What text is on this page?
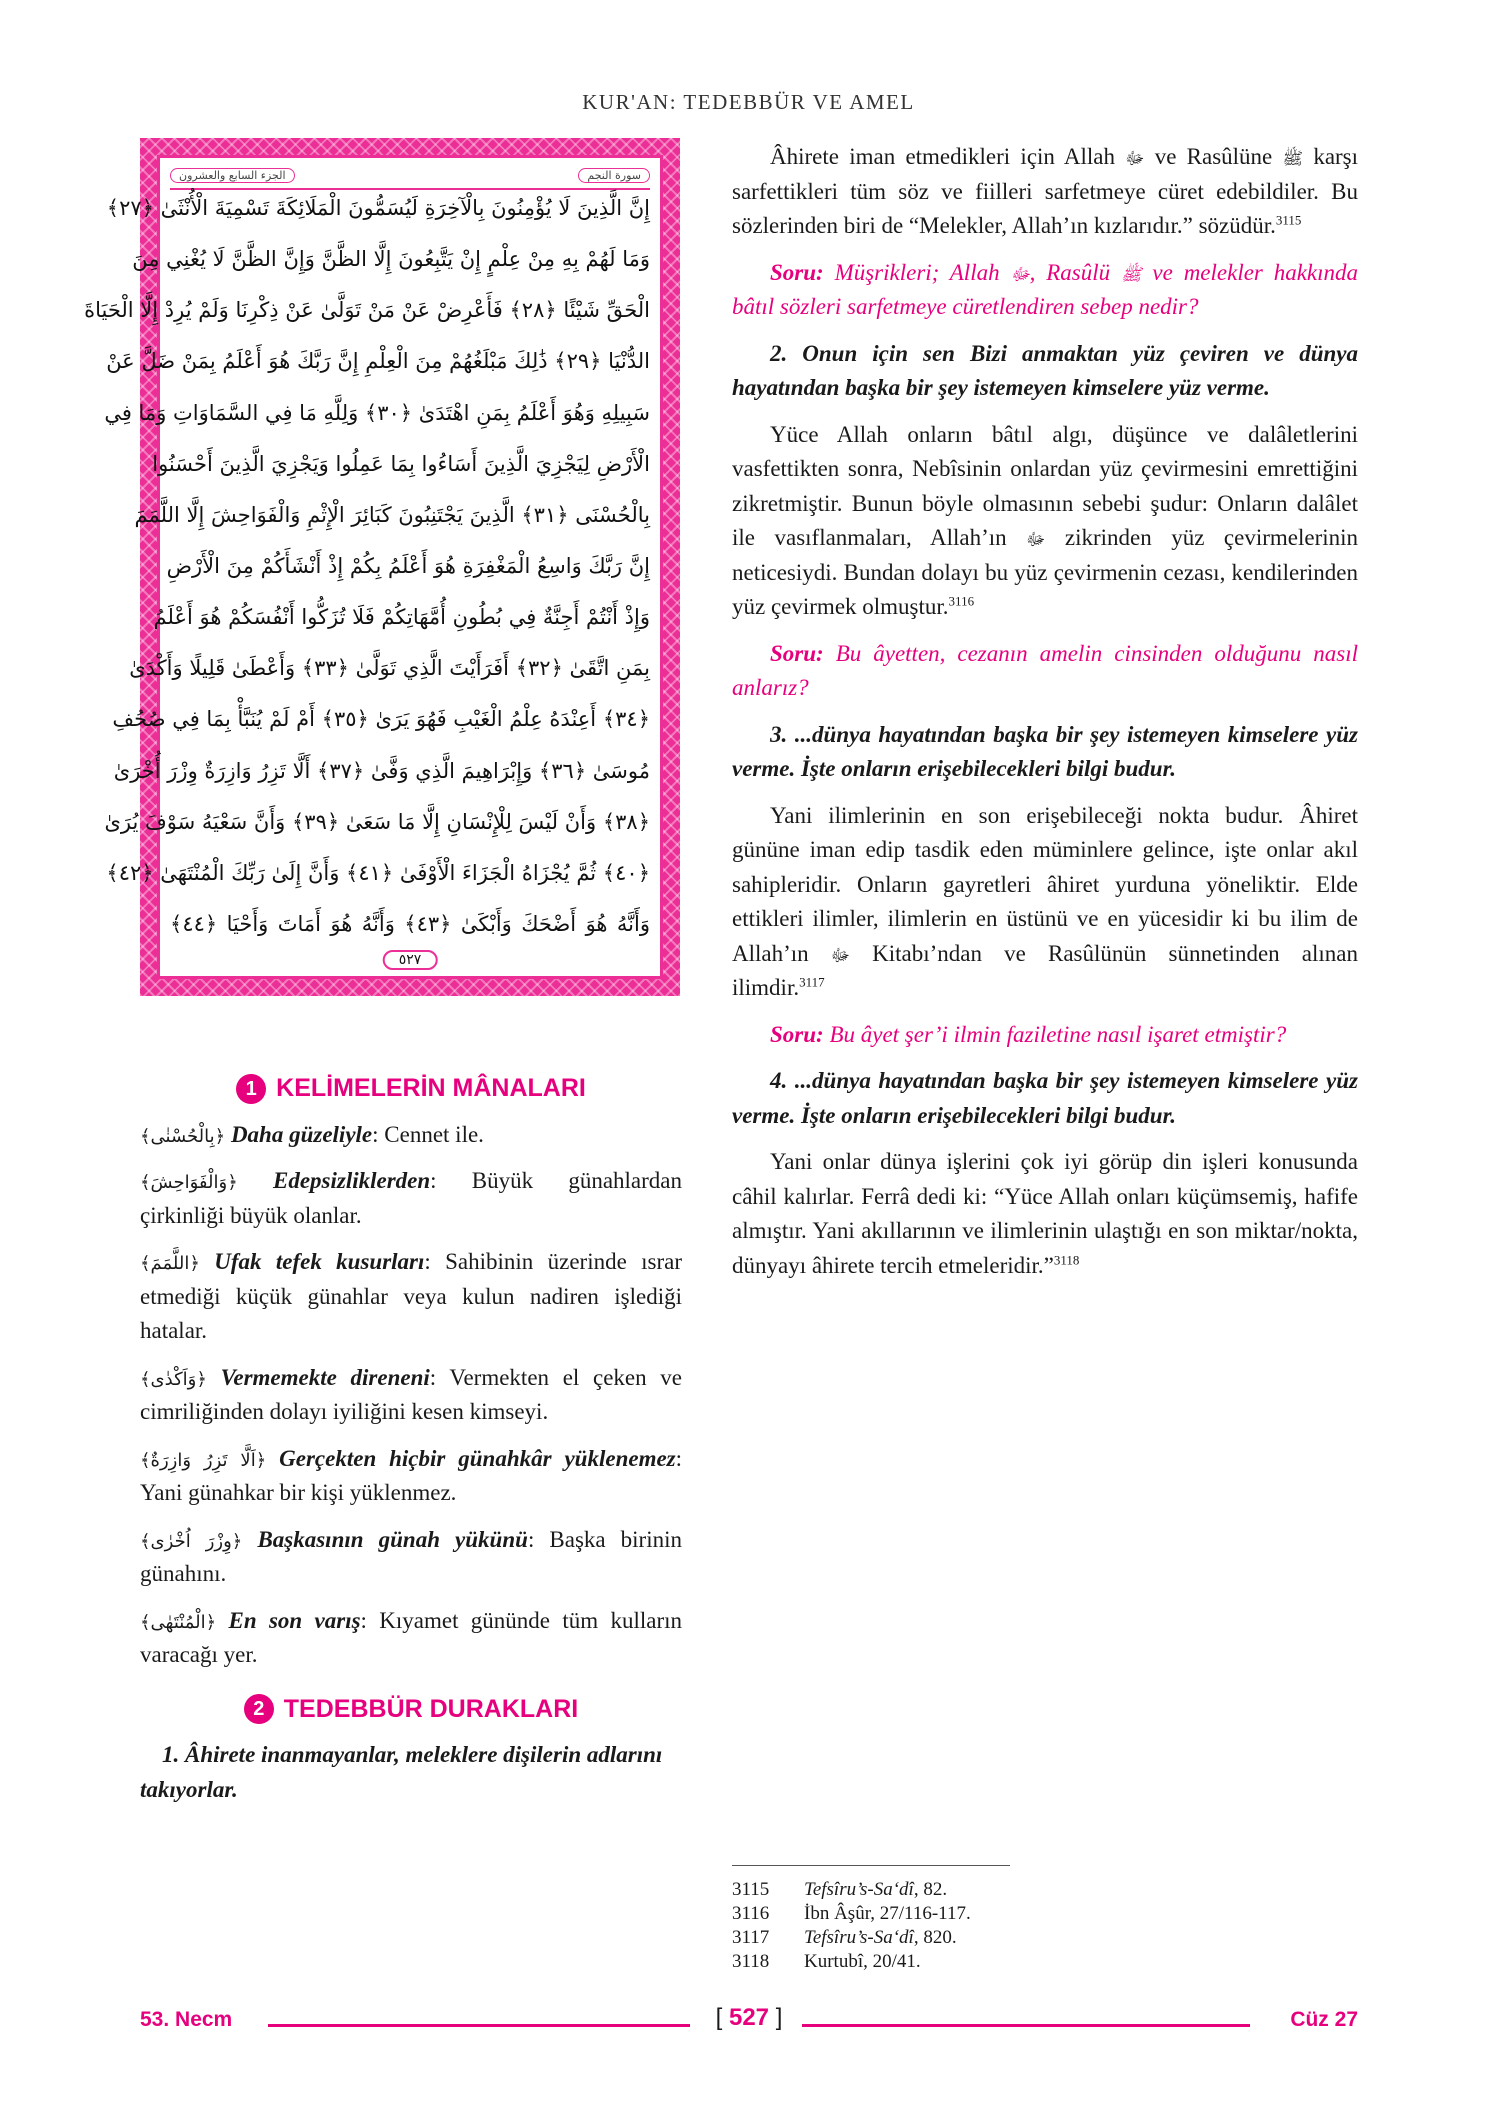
KUR'AN: TEDEBBÜR VE AMEL
سورة النجم
الجزء السابع والعشرون
إِنَّ الَّذِينَ لَا يُؤْمِنُونَ بِالْآخِرَةِ لَيُسَمُّونَ الْمَلَائِكَةَ تَسْمِيَةَ الْأُنْثَىٰ ﴿٢٧﴾
وَمَا لَهُمْ بِهِ مِنْ عِلْمٍ إِنْ يَتَّبِعُونَ إِلَّا الظَّنَّ وَإِنَّ الظَّنَّ لَا يُغْنِي مِنَ
الْحَقِّ شَيْئًا ﴿٢٨﴾ فَأَعْرِضْ عَنْ مَنْ تَوَلَّىٰ عَنْ ذِكْرِنَا وَلَمْ يُرِدْ إِلَّا الْحَيَاةَ
الدُّنْيَا ﴿٢٩﴾ ذَٰلِكَ مَبْلَغُهُمْ مِنَ الْعِلْمِ إِنَّ رَبَّكَ هُوَ أَعْلَمُ بِمَنْ ضَلَّ عَنْ
سَبِيلِهِ وَهُوَ أَعْلَمُ بِمَنِ اهْتَدَىٰ ﴿٣٠﴾ وَلِلَّهِ مَا فِي السَّمَاوَاتِ وَمَا فِي
الْأَرْضِ لِيَجْزِيَ الَّذِينَ أَسَاءُوا بِمَا عَمِلُوا وَيَجْزِيَ الَّذِينَ أَحْسَنُوا
بِالْحُسْنَى ﴿٣١﴾ الَّذِينَ يَجْتَنِبُونَ كَبَائِرَ الْإِثْمِ وَالْفَوَاحِشَ إِلَّا اللَّمَمَ
إِنَّ رَبَّكَ وَاسِعُ الْمَغْفِرَةِ هُوَ أَعْلَمُ بِكُمْ إِذْ أَنْشَأَكُمْ مِنَ الْأَرْضِ
وَإِذْ أَنْتُمْ أَجِنَّةٌ فِي بُطُونِ أُمَّهَاتِكُمْ فَلَا تُزَكُّوا أَنْفُسَكُمْ هُوَ أَعْلَمُ
بِمَنِ اتَّقَىٰ ﴿٣٢﴾ أَفَرَأَيْتَ الَّذِي تَوَلَّىٰ ﴿٣٣﴾ وَأَعْطَىٰ قَلِيلًا وَأَكْدَىٰ
﴿٣٤﴾ أَعِنْدَهُ عِلْمُ الْغَيْبِ فَهُوَ يَرَىٰ ﴿٣٥﴾ أَمْ لَمْ يُنَبَّأْ بِمَا فِي صُحُفِ
مُوسَىٰ ﴿٣٦﴾ وَإِبْرَاهِيمَ الَّذِي وَفَّىٰ ﴿٣٧﴾ أَلَّا تَزِرُ وَازِرَةٌ وِزْرَ أُخْرَىٰ
﴿٣٨﴾ وَأَنْ لَيْسَ لِلْإِنْسَانِ إِلَّا مَا سَعَىٰ ﴿٣٩﴾ وَأَنَّ سَعْيَهُ سَوْفَ يُرَىٰ
﴿٤٠﴾ ثُمَّ يُجْزَاهُ الْجَزَاءَ الْأَوْفَىٰ ﴿٤١﴾ وَأَنَّ إِلَىٰ رَبِّكَ الْمُنْتَهَىٰ ﴿٤٢﴾
وَأَنَّهُ هُوَ أَضْحَكَ وَأَبْكَىٰ ﴿٤٣﴾ وَأَنَّهُ هُوَ أَمَاتَ وَأَحْيَا ﴿٤٤﴾
٥٢٧
1 KELİMELERİN MÂNALARI

﴿بِالْحُسْنٰى﴾ Daha güzeliyle: Cennet ile.

﴿وَالْفَوَاحِشَ﴾ Edepsizliklerden: Büyük günahlardan çirkinliği büyük olanlar.

﴿اللَّمَمَ﴾ Ufak tefek kusurları: Sahibinin üzerinde ısrar etmediği küçük günahlar veya kulun nadiren işlediği hatalar.

﴿وَاَكْدٰى﴾ Vermemekte direneni: Vermekten el çeken ve cimriliğinden dolayı iyiliğini kesen kimseyi.

﴿اَلَّا تَزِرُ وَازِرَةٌ﴾ Gerçekten hiçbir günahkâr yüklenemez: Yani günahkar bir kişi yüklenmez.

﴿وِزْرَ اُخْرٰى﴾ Başkasının günah yükünü: Başka birinin günahını.

﴿الْمُنْتَهٰى﴾ En son varış: Kıyamet gününde tüm kulların varacağı yer.

2 TEDEBBÜR DURAKLARI

1. Âhirete inanmayanlar, meleklere dişilerin adlarını takıyorlar.

Âhirete iman etmedikleri için Allah ﷻ ve Rasûlüne ﷺ karşı sarfettikleri tüm söz ve fiilleri sarfetmeye cüret edebildiler. Bu sözlerinden biri de “Melekler, Allah’ın kızlarıdır.” sözüdür.$^{3115}$

Soru: Müşrikleri; Allah ﷻ, Rasûlü ﷺ ve melekler hakkında bâtıl sözleri sarfetmeye cüretlendiren sebep nedir?

2. Onun için sen Bizi anmaktan yüz çeviren ve dünya hayatından başka bir şey istemeyen kimselere yüz verme.

Yüce Allah onların bâtıl algı, düşünce ve dalâletlerini vasfettikten sonra, Nebîsinin onlardan yüz çevirmesini emrettiğini zikretmiştir. Bunun böyle olmasının sebebi şudur: Onların dalâlet ile vasıflanmaları, Allah’ın ﷻ zikrinden yüz çevirmelerinin neticesiydi. Bundan dolayı bu yüz çevirmenin cezası, kendilerinden yüz çevirmek olmuştur.$^{3116}$

Soru: Bu âyetten, cezanın amelin cinsinden olduğunu nasıl anlarız?

3. ...dünya hayatından başka bir şey istemeyen kimselere yüz verme. İşte onların erişebilecekleri bilgi budur.

Yani ilimlerinin en son erişebileceği nokta budur. Âhiret gününe iman edip tasdik eden müminlere gelince, işte onlar akıl sahipleridir. Onların gayretleri âhiret yurduna yöneliktir. Elde ettikleri ilimler, ilimlerin en üstünü ve en yücesidir ki bu ilim de Allah’ın ﷻ Kitabı’ndan ve Rasûlünün sünnetinden alınan ilimdir.$^{3117}$

Soru: Bu âyet şer’i ilmin faziletine nasıl işaret etmiştir?

4. ...dünya hayatından başka bir şey istemeyen kimselere yüz verme. İşte onların erişebilecekleri bilgi budur.

Yani onlar dünya işlerini çok iyi görüp din işleri konusunda câhil kalırlar. Ferrâ dedi ki: “Yüce Allah onları küçümsemiş, hafife almıştır. Yani akıllarının ve ilimlerinin ulaştığı en son miktar/nokta, dünyayı âhirete tercih etmeleridir.”$^{3118}$

3115	Tefsîru’s-Sa‘dî, 82.
3116	İbn Âşûr, 27/116-117.
3117	Tefsîru’s-Sa‘dî, 820.
3118	Kurtubî, 20/41.
53. Necm	[ 527 ]	Cüz 27
